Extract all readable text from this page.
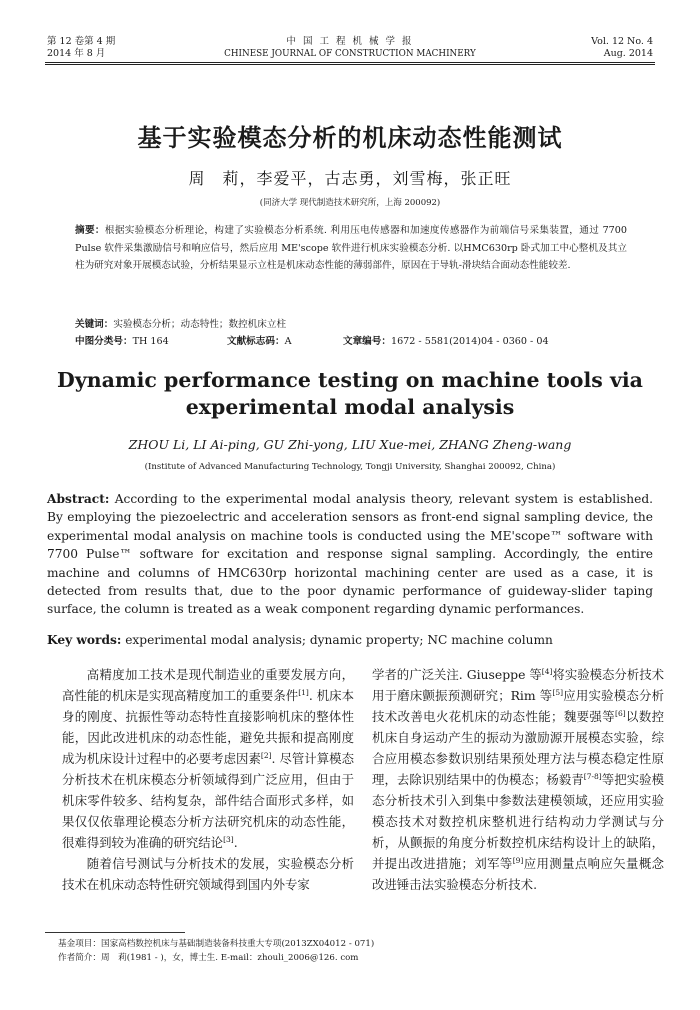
第 12 卷第 4 期
2014 年 8 月
中 国 工 程 机 械 学 报
CHINESE JOURNAL OF CONSTRUCTION MACHINERY
Vol. 12 No. 4
Aug. 2014
基于实验模态分析的机床动态性能测试
周　莉，李爱平，古志勇，刘雪梅，张正旺
(同济大学 现代制造技术研究所，上海 200092)
摘要：根据实验模态分析理论，构建了实验模态分析系统. 利用压电传感器和加速度传感器作为前端信号采集装置，通过 7700 Pulse 软件采集激励信号和响应信号，然后应用 ME'scope 软件进行机床实验模态分析. 以HMC630rp 卧式加工中心整机及其立柱为研究对象开展模态试验，分析结果显示立柱是机床动态性能的薄弱部件，原因在于导轨-滑块结合面动态性能较差.
关键词：实验模态分析；动态特性；数控机床立柱
中图分类号：TH 164	文献标志码：A	文章编号：1672 - 5581(2014)04 - 0360 - 04
Dynamic performance testing on machine tools via
experimental modal analysis
ZHOU Li, LI Ai-ping, GU Zhi-yong, LIU Xue-mei, ZHANG Zheng-wang
(Institute of Advanced Manufacturing Technology, Tongji University, Shanghai 200092, China)
Abstract: According to the experimental modal analysis theory, relevant system is established. By employing the piezoelectric and acceleration sensors as front-end signal sampling device, the experimental modal analysis on machine tools is conducted using the ME'scope™ software with 7700 Pulse™ software for excitation and response signal sampling. Accordingly, the entire machine and columns of HMC630rp horizontal machining center are used as a case, it is detected from results that, due to the poor dynamic performance of guideway-slider taping surface, the column is treated as a weak component regarding dynamic performances.
Key words: experimental modal analysis; dynamic property; NC machine column

高精度加工技术是现代制造业的重要发展方向，高性能的机床是实现高精度加工的重要条件[1]. 机床本身的刚度、抗振性等动态特性直接影响机床的整体性能，因此改进机床的动态性能，避免共振和提高刚度成为机床设计过程中的必要考虑因素[2]. 尽管计算模态分析技术在机床模态分析领域得到广泛应用，但由于机床零件较多、结构复杂，部件结合面形式多样，如果仅仅依靠理论模态分析方法研究机床的动态性能，很难得到较为准确的研究结论[3].

随着信号测试与分析技术的发展，实验模态分析技术在机床动态特性研究领域得到国内外专家

学者的广泛关注. Giuseppe 等[4]将实验模态分析技术用于磨床颤振预测研究；Rim 等[5]应用实验模态分析技术改善电火花机床的动态性能；魏要强等[6]以数控机床自身运动产生的振动为激励源开展模态实验，综合应用模态参数识别结果预处理方法与模态稳定性原理，去除识别结果中的伪模态；杨毅青[7-8]等把实验模态分析技术引入到集中参数法建模领域，还应用实验模态技术对数控机床整机进行结构动力学测试与分析，从颤振的角度分析数控机床结构设计上的缺陷，并提出改进措施；刘军等[9]应用测量点响应矢量概念改进锤击法实验模态分析技术.

基金项目：国家高档数控机床与基础制造装备科技重大专项(2013ZX04012 - 071)
作者简介：周　莉(1981 - )，女，博士生. E-mail：zhouli_2006@126. com
